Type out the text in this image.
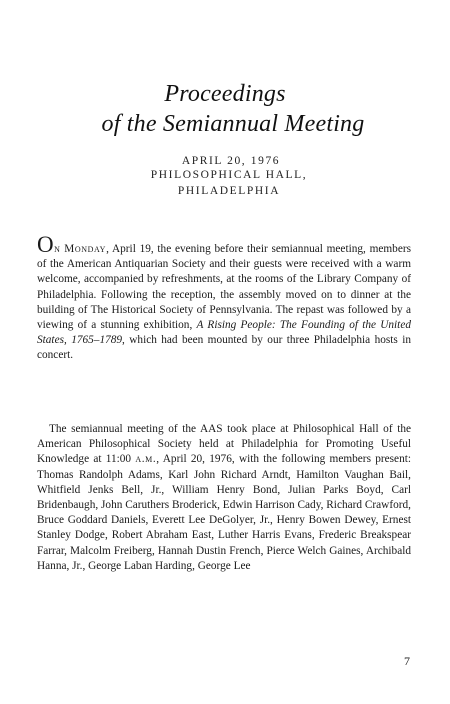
Proceedings
of the Semiannual Meeting
APRIL 20, 1976
PHILOSOPHICAL HALL,
PHILADELPHIA
On Monday, April 19, the evening before their semiannual meeting, members of the American Antiquarian Society and their guests were received with a warm welcome, accompanied by refreshments, at the rooms of the Library Company of Philadelphia. Following the reception, the assembly moved on to dinner at the building of The Historical Society of Pennsylvania. The repast was followed by a viewing of a stunning exhibition, A Rising People: The Founding of the United States, 1765–1789, which had been mounted by our three Philadelphia hosts in concert.
The semiannual meeting of the AAS took place at Philosophical Hall of the American Philosophical Society held at Philadelphia for Promoting Useful Knowledge at 11:00 a.m., April 20, 1976, with the following members present: Thomas Randolph Adams, Karl John Richard Arndt, Hamilton Vaughan Bail, Whitfield Jenks Bell, Jr., William Henry Bond, Julian Parks Boyd, Carl Bridenbaugh, John Caruthers Broderick, Edwin Harrison Cady, Richard Crawford, Bruce Goddard Daniels, Everett Lee DeGolyer, Jr., Henry Bowen Dewey, Ernest Stanley Dodge, Robert Abraham East, Luther Harris Evans, Frederic Breakspear Farrar, Malcolm Freiberg, Hannah Dustin French, Pierce Welch Gaines, Archibald Hanna, Jr., George Laban Harding, George Lee
7
